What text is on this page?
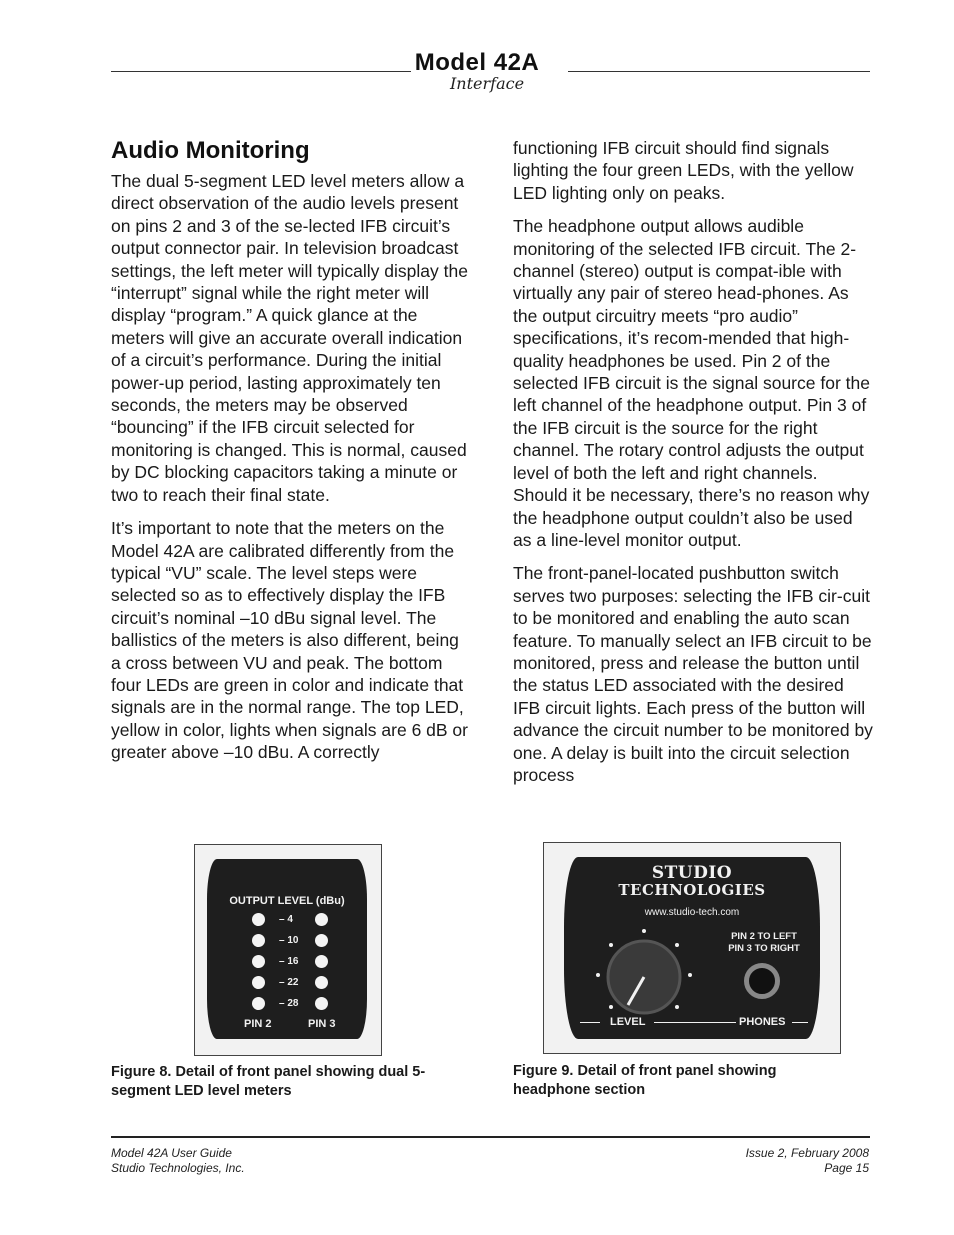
Model 42A
Interface
Audio Monitoring

The dual 5-segment LED level meters allow a direct observation of the audio levels present on pins 2 and 3 of the se-lected IFB circuit’s output connector pair. In television broadcast settings, the left meter will typically display the “interrupt” signal while the right meter will display “program.” A quick glance at the meters will give an accurate overall indication of a circuit’s performance. During the initial power-up period, lasting approximately ten seconds, the meters may be observed “bouncing” if the IFB circuit selected for monitoring is changed. This is normal, caused by DC blocking capacitors taking a minute or two to reach their final state.

It’s important to note that the meters on the Model 42A are calibrated differently from the typical “VU” scale. The level steps were selected so as to effectively display the IFB circuit’s nominal –10 dBu signal level. The ballistics of the meters is also different, being a cross between VU and peak. The bottom four LEDs are green in color and indicate that signals are in the normal range. The top LED, yellow in color, lights when signals are 6 dB or greater above –10 dBu. A correctly

functioning IFB circuit should find signals lighting the four green LEDs, with the yellow LED lighting only on peaks.

The headphone output allows audible monitoring of the selected IFB circuit. The 2-channel (stereo) output is compat-ible with virtually any pair of stereo head-phones. As the output circuitry meets “pro audio” specifications, it’s recom-mended that high-quality headphones be used. Pin 2 of the selected IFB circuit is the signal source for the left channel of the headphone output. Pin 3 of the IFB circuit is the source for the right channel. The rotary control adjusts the output level of both the left and right channels. Should it be necessary, there’s no reason why the headphone output couldn’t also be used as a line-level monitor output.

The front-panel-located pushbutton switch serves two purposes: selecting the IFB cir-cuit to be monitored and enabling the auto scan feature. To manually select an IFB circuit to be monitored, press and release the button until the status LED associated with the desired IFB circuit lights. Each press of the button will advance the circuit number to be monitored by one. A delay is built into the circuit selection process

OUTPUT LEVEL (dBu)
– 4
– 10
– 16
– 22
– 28
PIN 2	PIN 3
Figure 8. Detail of front panel showing dual 5-segment LED level meters
STUDIO
TECHNOLOGIES
www.studio-tech.com
PIN 2 TO LEFT
PIN 3 TO RIGHT
LEVEL	PHONES
Figure 9. Detail of front panel showing headphone section
Model 42A User Guide
Studio Technologies, Inc.
Issue 2, February 2008
Page 15
